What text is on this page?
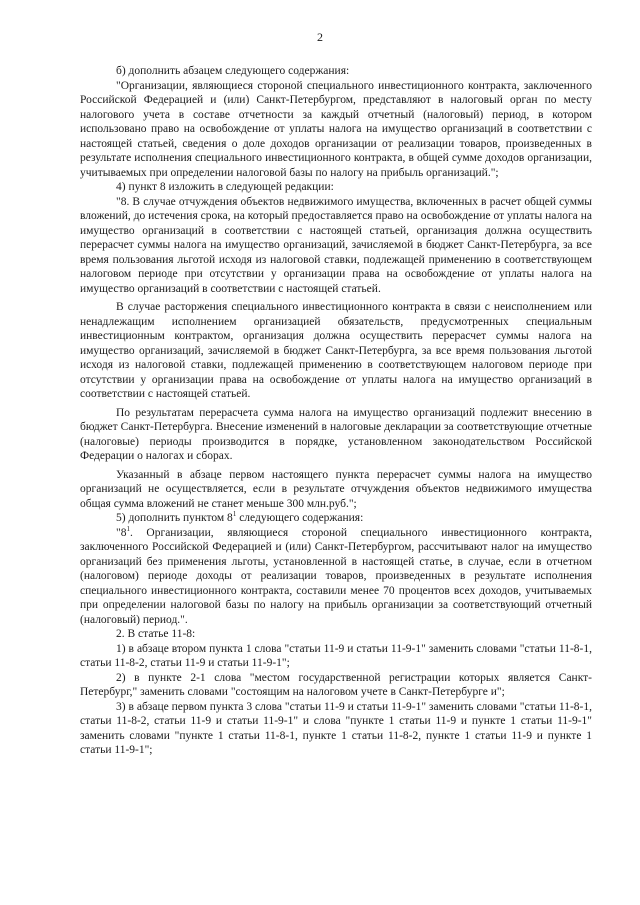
2

б) дополнить абзацем следующего содержания:

"Организации, являющиеся стороной специального инвестиционного контракта, заключенного Российской Федерацией и (или) Санкт-Петербургом, представляют в налоговый орган по месту налогового учета в составе отчетности за каждый отчетный (налоговый) период, в котором использовано право на освобождение от уплаты налога на имущество организаций в соответствии с настоящей статьей, сведения о доле доходов организации от реализации товаров, произведенных в результате исполнения специального инвестиционного контракта, в общей сумме доходов организации, учитываемых при определении налоговой базы по налогу на прибыль организаций.";

4) пункт 8 изложить в следующей редакции:

"8. В случае отчуждения объектов недвижимого имущества, включенных в расчет общей суммы вложений, до истечения срока, на который предоставляется право на освобождение от уплаты налога на имущество организаций в соответствии с настоящей статьей, организация должна осуществить перерасчет суммы налога на имущество организаций, зачисляемой в бюджет Санкт-Петербурга, за все время пользования льготой исходя из налоговой ставки, подлежащей применению в соответствующем налоговом периоде при отсутствии у организации права на освобождение от уплаты налога на имущество организаций в соответствии с настоящей статьей.

В случае расторжения специального инвестиционного контракта в связи с неисполнением или ненадлежащим исполнением организацией обязательств, предусмотренных специальным инвестиционным контрактом, организация должна осуществить перерасчет суммы налога на имущество организаций, зачисляемой в бюджет Санкт-Петербурга, за все время пользования льготой исходя из налоговой ставки, подлежащей применению в соответствующем налоговом периоде при отсутствии у организации права на освобождение от уплаты налога на имущество организаций в соответствии с настоящей статьей.

По результатам перерасчета сумма налога на имущество организаций подлежит внесению в бюджет Санкт-Петербурга. Внесение изменений в налоговые декларации за соответствующие отчетные (налоговые) периоды производится в порядке, установленном законодательством Российской Федерации о налогах и сборах.

Указанный в абзаце первом настоящего пункта перерасчет суммы налога на имущество организаций не осуществляется, если в результате отчуждения объектов недвижимого имущества общая сумма вложений не станет меньше 300 млн.руб.";

5) дополнить пунктом $8^1$ следующего содержания:

"$8^1$. Организации, являющиеся стороной специального инвестиционного контракта, заключенного Российской Федерацией и (или) Санкт-Петербургом, рассчитывают налог на имущество организаций без применения льготы, установленной в настоящей статье, в случае, если в отчетном (налоговом) периоде доходы от реализации товаров, произведенных в результате исполнения специального инвестиционного контракта, составили менее 70 процентов всех доходов, учитываемых при определении налоговой базы по налогу на прибыль организации за соответствующий отчетный (налоговый) период.".

2. В статье 11-8:

1) в абзаце втором пункта 1 слова "статьи 11-9 и статьи 11-9-1" заменить словами "статьи 11-8-1, статьи 11-8-2, статьи 11-9 и статьи 11-9-1";

2) в пункте 2-1 слова "местом государственной регистрации которых является Санкт-Петербург," заменить словами "состоящим на налоговом учете в Санкт-Петербурге и";

3) в абзаце первом пункта 3 слова "статьи 11-9 и статьи 11-9-1" заменить словами "статьи 11-8-1, статьи 11-8-2, статьи 11-9 и статьи 11-9-1" и слова "пункте 1 статьи 11-9 и пункте 1 статьи 11-9-1" заменить словами "пункте 1 статьи 11-8-1, пункте 1 статьи 11-8-2, пункте 1 статьи 11-9 и пункте 1 статьи 11-9-1";
